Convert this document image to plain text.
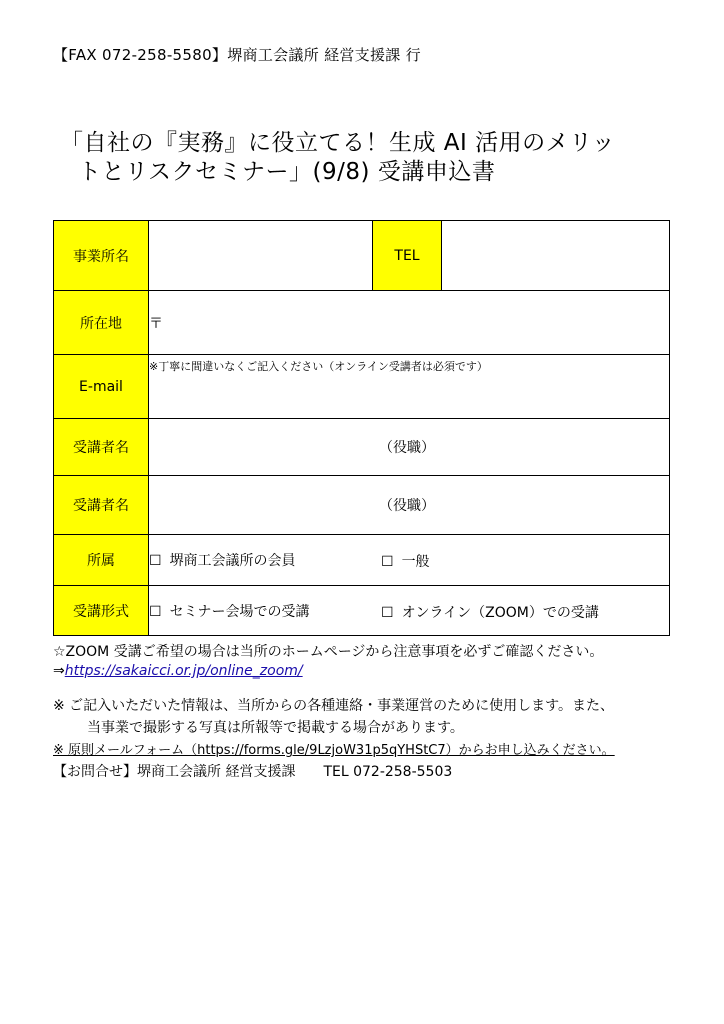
【FAX 072-258-5580】堺商工会議所 経営支援課 行
「自社の『実務』に役立てる！生成 AI 活用のメリッ
トとリスクセミナー」(9/8) 受講申込書
事業所名		TEL	
所在地	〒		
E-mail	※丁寧に間違いなくご記入ください（オンライン受講者は必須です）		
受講者名	（役職）		
受講者名	（役職）		
所属	☐ 堺商工会議所の会員 ☐ 一般		

受講形式	☐ セミナー会場での受講 ☐ オンライン（ZOOM）での受講		
☆ZOOM 受講ご希望の場合は当所のホームページから注意事項を必ずご確認ください。
⇒https://sakaicci.or.jp/online_zoom/
※ ご記入いただいた情報は、当所からの各種連絡・事業運営のために使用します。また、
当事業で撮影する写真は所報等で掲載する場合があります。
※ 原則メールフォーム（https://forms.gle/9LzjoW31p5qYHStC7）からお申し込みください。
【お問合せ】堺商工会議所 経営支援課　　TEL 072-258-5503
